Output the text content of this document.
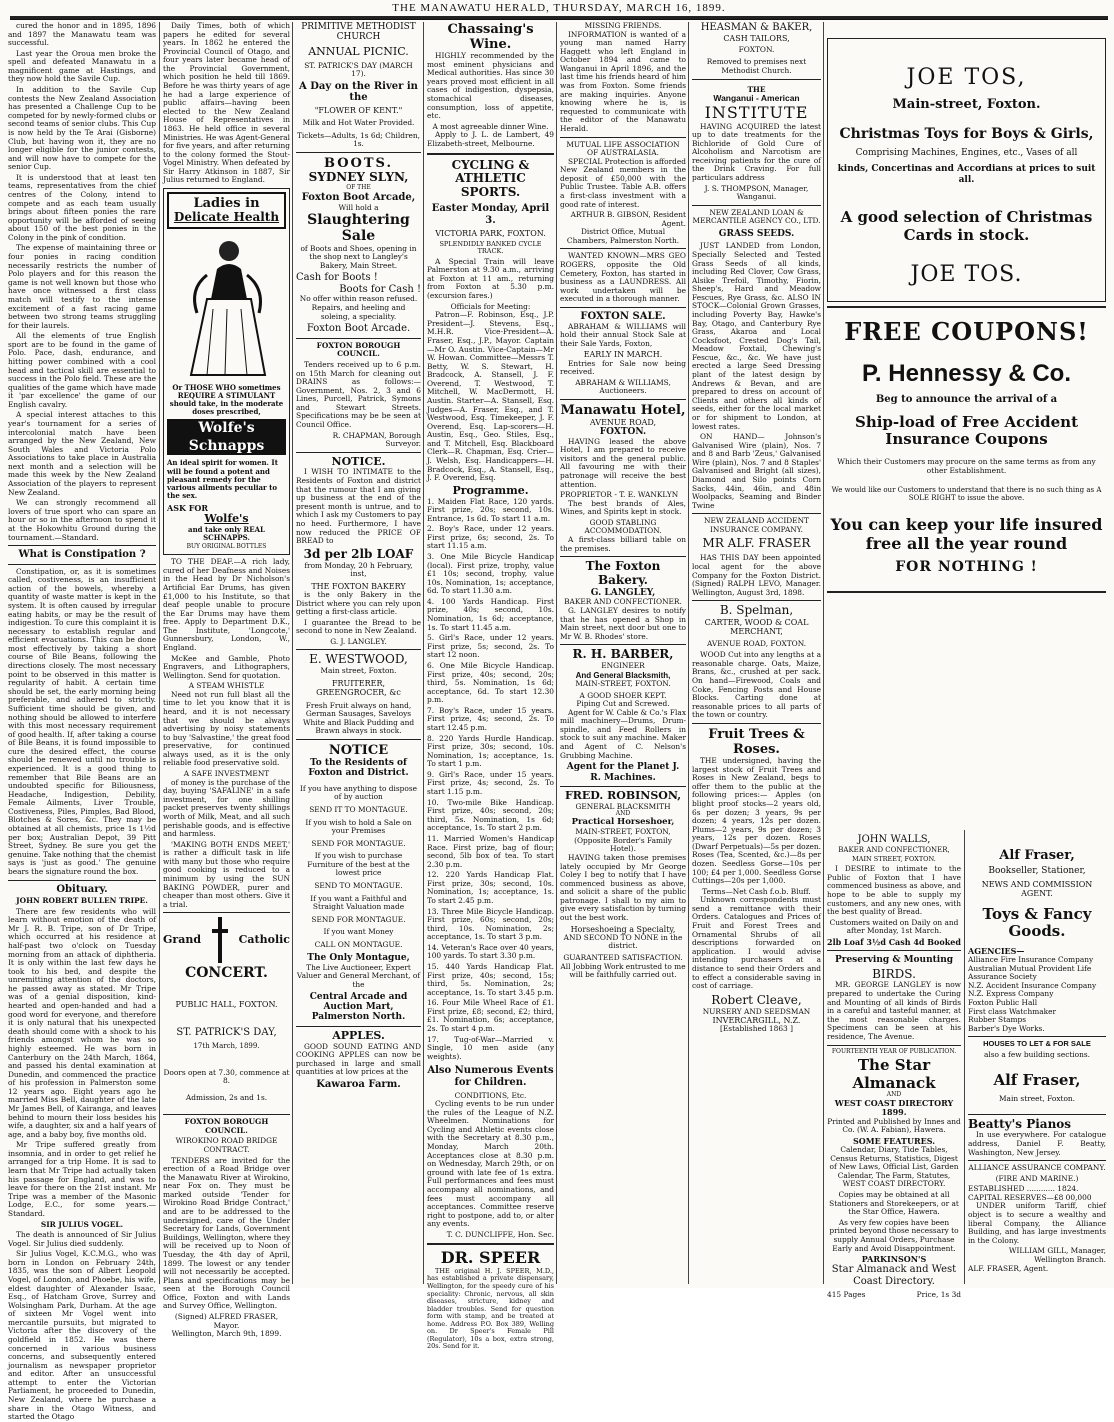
THE MANAWATU HERALD, THURSDAY, MARCH 16, 1899.

cured the honor and in 1895, 1896 and 1897 the Manawatu team was successful.

Last year the Oroua men broke the spell and defeated Manawatu in a magnificent game at Hastings, and they now hold the Savile Cup.

In addition to the Savile Cup contests the New Zealand Association has presented a Challenge Cup to be competed for by newly-formed clubs or second teams of senior clubs. This Cup is now held by the Te Arai (Gisborne) Club, but having won it, they are no longer eligible for the junior contests, and will now have to compete for the senior Cup.

It is understood that at least ten teams, representatives from the chief centres of the Colony, intend to compete and as each team usually brings about fifteen ponies the rare opportunity will be afforded of seeing about 150 of the best ponies in the Colony in the pink of condition.

The expense of maintaining three or four ponies in racing condition necessarily restricts the number of Polo players and for this reason the game is not well known but those who have once witnessed a first class match will testify to the intense excitement of a fast racing game between two strong teams struggling for their laurels.

All the elements of true English sport are to be found in the game of Polo. Pace, dash, endurance, and hitting power combined with a cool head and tactical skill are essential to success in the Polo field. These are the qualities of the game which have made it 'par excellence' the game of our English cavalry.

A special interest attaches to this year's tournament for a series of intercolonial match have been arranged by the New Zealand, New South Wales and Victoria Polo Associations to take place in Australia next month and a selection will be made this week by the New Zealand Association of the players to represent New Zealand.

We can strongly recommend all lovers of true sport who can spare an hour or so in the afternoon to spend it at the Hokowhitu Ground during the tournament.—Standard.

What is Constipation ?

Constipation, or, as it is sometimes called, costiveness, is an insufficient action of the bowels, whereby a quantity of waste matter is kept in the system. It is often caused by irregular eating habits, or may be the result of indigestion. To cure this complaint it is necessary to establish regular and efficient evacuations. This can be done most effectively by taking a short course of Bile Beans, following the directions closely. The most necessary point to be observed in this matter is regularity of habit. A certain time should be set, the early morning being preferable, and adhered to strictly. Sufficient time should be given, and nothing should be allowed to interfere with this most necessary requirement of good health. If, after taking a course of Bile Beans, it is found impossible to cure the desired effect, the course should be renewed until no trouble is experienced. It is a good thing to remember that Bile Beans are an undoubted specific for Biliousness, Headache, Indigestion, Debility, Female Ailments, Liver Trouble, Costiveness, Piles, Pimples, Bad Blood, Blotches & Sores, &c. They may be obtained at all chemists, price 1s 1½d per box; Australian Depot, 39 Pitt Street, Sydney. Be sure you get the genuine. Take nothing that the chemist says is 'just as good.' The genuine bears the signature round the box.

Obituary.
JOHN ROBERT BULLEN TRIPE.

There are few residents who will learn without emotion of the death of Mr J. R. B. Tripe, son of Dr Tripe, which occurred at his residence at half-past two o'clock on Tuesday morning from an attack of diphtheria. It is only within the last few days he took to his bed, and despite the unremitting attention of the doctors, he passed away as stated. Mr Tripe was of a genial disposition, kind-hearted and open-handed and had a good word for everyone, and therefore it is only natural that his unexpected death should come with a shock to his friends amongst whom he was so highly esteemed. He was born in Canterbury on the 24th March, 1864, and passed his dental examination at Dunedin, and commenced the practice of his profession in Palmerston some 12 years ago. Eight years ago he married Miss Bell, daughter of the late Mr James Bell, of Kairanga, and leaves behind to mourn their loss besides his wife, a daughter, six and a half years of age, and a baby boy, five months old.

Mr Tripe suffered greatly from insomnia, and in order to get relief he arranged for a trip Home. It is sad to learn that Mr Tripe had actually taken his passage for England, and was to leave for there on the 21st instant. Mr Tripe was a member of the Masonic Lodge, E.C., for some years.—Standard.

SIR JULIUS VOGEL.

The death is announced of Sir Julius Vogel. Sir Julius died suddenly.

Sir Julius Vogel, K.C.M.G., who was born in London on February 24th, 1835, was the son of Albert Leopold Vogel, of London, and Phoebe, his wife, eldest daughter of Alexander Isaac, Esq., of Hatcham Grove, Surrey and Wolsingham Park, Durham. At the age of sixteen Mr Vogel went into mercantile pursuits, but migrated to Victoria after the discovery of the goldfield in 1852. He was there concerned in various business concerns, and subsequently entered journalism as newspaper proprietor and editor. After an unsuccessful attempt to enter the Victorian Parliament, he proceeded to Dunedin, New Zealand, where he purchase a share in the Otago Witness, and started the Otago

Daily Times, both of which papers he edited for several years. In 1862 he entered the Provincial Council of Otago, and four years later became head of the Provincial Government, which position he held till 1869. Before he was thirty years of age he had a large experience of public affairs—having been elected to the New Zealand House of Representatives in 1863. He held office in several Ministries. He was Agent-General for five years, and after returning to the colony formed the Stout-Vogel Ministry. When defeated by Sir Harry Atkinson in 1887, Sir Julius returned to England.

Ladies in
Delicate Health
Or THOSE WHO sometimes REQUIRE A STIMULANT should take, in the moderate doses prescribed,
Wolfe's
Schnapps
An ideal spirit for women. It will be found a potent and pleasant remedy for the various ailments peculiar to the sex.
ASK FOR
Wolfe's
and take only REAL SCHNAPPS.
BUY ORIGINAL BOTTLES

TO THE DEAF.—A rich lady, cured of her Deafness and Noises in the Head by Dr Nicholson's Artificial Ear Drums, has given £1,000 to his Institute, so that deaf people unable to procure the Ear Drums may have them free. Apply to Department D.K., The Institute, 'Longcote,' Gunnersbury, London, W., England.

McKee and Gamble, Photo Engravers, and Lithographers, Wellington. Send for quotation.

A STEAM WHISTLE

Need not run full blast all the time to let you know that it is heard, and it is not necessary that we should be always advertising by noisy statements to buy 'Salvastine,' the great food preservative, for continued always used, as it is the only reliable food preservative sold.

A SAFE INVESTMENT

of money is the purchase of the day, buying 'SAFALINE' in a safe investment, for one shilling packet preserves twenty shillings worth of Milk, Meat, and all such perishable goods, and is effective and harmless.

'MAKING BOTH ENDS MEET,' is rather a difficult task in life with many but those who require good cooking is reduced to a minimum by using the SUN BAKING POWDER, purer and cheaper than most others. Give it a trial.

Grand	Catholic
CONCERT.
PUBLIC HALL, FOXTON.
ST. PATRICK'S DAY,
17th March, 1899.
Doors open at 7.30, commence at 8.
Admission, 2s and 1s.
FOXTON BOROUGH COUNCIL.
WIROKINO ROAD BRIDGE CONTRACT.

TENDERS are invited for the erection of a Road Bridge over the Manawatu River at Wirokino, near Fox on. They must be marked outside 'Tender for Wirokino Road Bridge Contract,' and are to be addressed to the undersigned, care of the Under Secretary for Lands, Government Buildings, Wellington, where they will be received up to Noon of Tuesday, the 4th day of April, 1899. The lowest or any tender will not necessarily be accepted. Plans and specifications may be seen at the Borough Council Office, Foxton and with Lands and Survey Office, Wellington.

(Signed) ALFRED FRASER, Mayor.
Wellington, March 9th, 1899.
PRIMITIVE METHODIST CHURCH
ANNUAL PICNIC.
ST. PATRICK'S DAY (MARCH 17).
A Day on the River in the
"FLOWER OF KENT."
Milk and Hot Water Provided.
Tickets—Adults, 1s 6d; Children, 1s.
BOOTS.
SYDNEY SLYN,
OF THE
Foxton Boot Arcade,
Will hold a
Slaughtering Sale

of Boots and Shoes, opening in the shop next to Langley's Bakery, Main Street.

Cash for Boots !
Boots for Cash !

No offer within reason refused. Repairs, and heeling and soleing, a speciality.

Foxton Boot Arcade.
FOXTON BOROUGH COUNCIL.

Tenders received up to 6 p.m. on 15th March for cleaning out DRAINS as follows:—Government, Nos. 2, 3 and 6 Lines, Purcell, Patrick, Symons and Stewart Streets. Specifications may be be seen at Council Office.

R. CHAPMAN, Borough Surveyor.
NOTICE.

I WISH TO INTIMATE to the Residents of Foxton and district that the rumour that I am giving up business at the end of the present month is untrue, and to which I ask my Customers to pay no heed. Furthermore, I have now reduced the PRICE OF BREAD to

3d per 2lb LOAF
from Monday, 20 h February, inst,
THE FOXTON BAKERY

is the only Bakery in the District where you can rely upon getting a first-class article.

I guarantee the Bread to be second to none in New Zealand.

G. J. LANGLEY.
E. WESTWOOD,
Main street, Foxton.
FRUITERER, GREENGROCER, &c

Fresh Fruit always on hand, German Sausages, Saveloys White and Black Pudding and Brawn always in stock.

NOTICE
To the Residents of
Foxton and District.

If you have anything to dispose of by auction

SEND IT TO MONTAGUE.

If you wish to hold a Sale on your Premises

SEND FOR MONTAGUE.

If you wish to purchase Furniture of the best at the lowest price

SEND TO MONTAGUE.

If you want a Faithful and Straight Valuation made

SEND FOR MONTAGUE.

If you want Money

CALL ON MONTAGUE.
The Only Montague,

The Live Auctioneer, Expert Valuer and General Merchant, of the

Central Arcade and Auction Mart,
Palmerston North.
APPLES.

GOOD SOUND EATING AND COOKING APPLES can now be purchased in large and small quantities at low prices at the

Kawaroa Farm.
Chassaing's Wine.

HIGHLY recommended by the most eminent physicians and Medical authorities. Has since 30 years proved most efficient in all cases of indigestion, dyspepsia, stomachical diseases, consumption, loss of appetite, etc.

A most agreeable dinner Wine.

Apply to J. L. de Lambert, 49 Elizabeth-street, Melbourne.

CYCLING & ATHLETIC SPORTS.
Easter Monday, April 3.
VICTORIA PARK, FOXTON.
SPLENDIDLY BANKED CYCLE TRACK.

A Special Train will leave Palmerston at 9.30 a.m., arriving at Foxton at 11 am., returning from Foxton at 5.30 p.m. (excursion fares.)

Officials for Meeting:

Patron—F. Robinson, Esq., J.P. President—J. Stevens, Esq., M.H.R. Vice-President—A. Fraser, Esq., J.P., Mayor. Captain—Mr O. Austin. Vice-Captain—Mr W. Howan. Committee—Messrs T. Betty, W. S. Stewart, H. Bradcock, A. Stansell, J. F. Overend, T. Westwood, T. Mitchell, W. MacDermott, H. Austin. Starter—A. Stansell, Esq. Judges—A. Fraser, Esq., and T. Westwood, Esq. Timekeeper, J. F. Overend, Esq. Lap-scorers—H. Austin, Esq., Geo. Stiles, Esq., and T. Mitchell, Esq. Blackboard Clerk—R. Chapman, Esq. Crier—J. Welsh, Esq. Handicappers—H. Bradcock, Esq., A. Stansell, Esq., J. F. Overend, Esq.

Programme.

1. Maiden Flat Race, 120 yards. First prize, 20s; second, 10s. Entrance, 1s 6d. To start 11 a.m.

2. Boy's Race, under 12 years. First prize, 6s; second, 2s. To start 11.15 a.m.

3. One Mile Bicycle Handicap (local). First prize, trophy, value £1 10s; second, trophy, value 10s. Nomination, 1s; acceptance, 6d. To start 11.30 a.m.

4. 100 Yards Handicap. First prize, 40s; second, 10s. Nomination, 1s 6d; acceptance, 1s. To start 11.45 a.m.

5. Girl's Race, under 12 years. First prize, 5s; second, 2s. To start 12 noon.

6. One Mile Bicycle Handicap. First prize, 40s; second, 20s; third, 5s. Nomination, 1s 6d; acceptance, 6d. To start 12.30 p.m.

7. Boy's Race, under 15 years. First prize, 4s; second, 2s. To start 12.45 p.m.

8. 220 Yards Hurdle Handicap. First prize, 30s; second, 10s. Nomination, 1s; acceptance, 1s. To start 1 p.m.

9. Girl's Race, under 15 years. First prize, 4s; second, 2s. To start 1.15 p.m.

10. Two-mile Bike Handicap. First prize, 40s; second, 20s; third, 5s. Nomination, 1s 6d; acceptance, 1s. To start 2 p.m.

11. Married Women's Handicap Race. First prize, bag of flour; second, 5lb box of tea. To start 2.30 p.m.

12. 220 Yards Handicap Flat. First prize, 30s; second, 10s. Nomination, 1s; acceptance, 1s. To start 2.45 p.m.

13. Three Mile Bicycle Handicap. First prize, 60s; second, 20s; third, 10s. Nomination, 2s; acceptance, 1s. To start 3 p.m.

14. Veteran's Race over 40 years, 100 yards. To start 3.30 p.m.

15. 440 Yards Handicap Flat. First prize, 40s; second, 15s; third, 5s. Nomination, 2s; acceptance, 1s. To start 3.45 p.m.

16. Four Mile Wheel Race of £1. First prize, £8; second, £2; third, £1. Nomination, 6s; acceptance, 2s. To start 4 p.m.

17. Tug-of-War—Married v. Single, 10 men aside (any weights).

Also Numerous Events for Children.
CONDITIONS, Etc.

Cycling events to be run under the rules of the League of N.Z. Wheelmen. Nominations for Cycling and Athletic events close with the Secretary at 8.30 p.m., Monday, March 20th. Acceptances close at 8.30 p.m. on Wednesday, March 29th, or on ground with late fee of 1s extra. Full performances and fees must accompany all nominations, and fees must accompany all acceptances. Committee reserve right to postpone, add to, or alter any events.

T. C. DUNCLIFFE, Hon. Sec.
DR. SPEER

THE original H. J. SPEER, M.D., has established a private dispensary, Wellington, for the speedy cure of his speciality: Chronic, nervous, all skin diseases, stricture, kidney and bladder troubles. Send for question form with stamp, and be treated at home. Address P.O. Box 389, Welling on. Dr Speer's Female Pill (Regulator), 10s a box, extra strong, 20s. Send for it.

MISSING FRIENDS.

INFORMATION is wanted of a young man named Harry Haggett who left England in October 1894 and came to Wanganui in April 1896, and the last time his friends heard of him was from Foxton. Some friends are making inquiries. Anyone knowing where he is, is requested to communicate with the editor of the Manawatu Herald.

MUTUAL LIFE ASSOCIATION OF AUSTRALASIA.

SPECIAL Protection is afforded New Zealand members in the deposit of £50,000 with the Public Trustee. Table A.B. offers a first-class investment with a good rate of interest.

ARTHUR B. GIBSON, Resident Agent.

District Office, Mutual Chambers, Palmerston North.

WANTED KNOWN—MRS GEO ROGERS, opposite the Old Cemetery, Foxton, has started in business as a LAUNDRESS. All work undertaken will be executed in a thorough manner.

FOXTON SALE.

ABRAHAM & WILLIAMS will hold their annual Stock Sale at their Sale Yards, Foxton,

EARLY IN MARCH.

Entries for Sale now being received.

ABRAHAM & WILLIAMS, Auctioneers.
Manawatu Hotel,
AVENUE ROAD,
FOXTON.

HAVING leased the above Hotel, I am prepared to receive visitors and the general public. All favouring me with their patronage will receive the best attention.

PROPRIETOR - T. E. WANKLYN

The best brands of Ales, Wines, and Spirits kept in stock.

GOOD STABLING ACCOMMODATION.

A first-class billiard table on the premises.

The Foxton Bakery.
G. LANGLEY,
BAKER AND CONFECTIONER.

G. LANGLEY desires to notify that he has opened a Shop in Main street, next door but one to Mr W. B. Rhodes' store.

R. H. BARBER,
ENGINEER
And General Blacksmith,
MAIN-STREET, FOXTON.
A GOOD SHOER KEPT.
Piping Cut and Screwed.

Agent for W. Cable & Co.'s Flax mill machinery—Drums, Drum-spindle, and Feed Rollers in stock to suit any machine. Maker and Agent of C. Nelson's Grubbing Machine.

Agent for the Planet J. R. Machines.
FRED. ROBINSON,
GENERAL BLACKSMITH
AND
Practical Horseshoer,
MAIN-STREET, FOXTON, (Opposite Border's Family Hotel).

HAVING taken those premises lately occupied by Mr George Coley I beg to notify that I have commenced business as above, and solicit a share of the public patronage. I shall to my aim to give every satisfaction by turning out the best work.

Horseshoeing a Specialty,
AND SECOND TO NONE in the district.
GUARANTEED SATISFACTION.

All Jobbing Work entrusted to me will be faithfully carried out.

HEASMAN & BAKER,
CASH TAILORS,
FOXTON.

Removed to premises next Methodist Church.

THE
Wanganui - American
INSTITUTE

HAVING ACQUIRED the latest up to date treatments for the Bichloride of Gold Cure of Alcoholism and Narcotism are receiving patients for the cure of the Drink Craving. For full particulars address

J. S. THOMPSON, Manager, Wanganui.
NEW ZEALAND LOAN & MERCANTILE AGENCY CO., LTD.
GRASS SEEDS.

JUST LANDED from London, Specially Selected and Tested Grass Seeds of all kinds, including Red Clover, Cow Grass, Alsike Trefoil, Timothy, Fiorin, Sheep's, Hard and Meadow Fescues, Rye Grass, &c. ALSO IN STOCK—Colonial Grown Grasses, including Poverty Bay, Hawke's Bay, Otago, and Canterbury Rye Grass, Akaroa and Local Cocksfoot, Crested Dog's Tail, Meadow Foxtail, Chewing's Fescue, &c., &c. We have just erected a large Seed Dressing plant of the latest design by Andrews & Bevan, and are prepared to dress on account of Clients and others all kinds of seeds, either for the local market or for shipment to London, at lowest rates.

ON HAND— Johnson's Galvanised Wire (plain), Nos. 7 and 8 and Barb 'Zeus,' Galvanised Wire (plain), Nos. 7 and 8 Staples' Galvanised and Bright (all sizes), Diamond and Silo points Corn Sacks, 44in, 46in, and 48in Woolpacks, Seaming and Binder Twine

NEW ZEALAND ACCIDENT INSURANCE COMPANY.
MR ALF. FRASER

HAS THIS DAY been appointed local agent for the above Company for the Foxton District. (Signed) RALPH LEVO, Manager. Wellington, August 3rd, 1898.

B. Spelman,
CARTER, WOOD & COAL MERCHANT,
AVENUE ROAD, FOXTON.

WOOD Cut into any lengths at a reasonable charge. Oats, Maize, Brans, &c., crushed at per sack. On hand—Firewood, Coals and Coke, Fencing Posts and House Blocks. Carting done at reasonable prices to all parts of the town or country.

Fruit Trees & Roses.

THE undersigned, having the largest stock of Fruit Trees and Roses in New Zealand, begs to offer them to the public at the following prices:— Apples (on blight proof stocks—2 years old, 6s per dozen; 3 years, 9s per dozen; 4 years, 12s per dozen. Plums—2 years, 9s per dozen; 3 years, 12s per dozen. Roses (Dwarf Perpetuals)—5s per dozen. Roses (Tea, Scented, &c.)—8s per dozen. Seedless Gorse—10s per 100; £4 per 1,000. Seedless Gorse Cuttings—20s per 1,000.

Terms—Net Cash f.o.b. Bluff.

Unknown correspondents must send a remittance with their Orders. Catalogues and Prices of Fruit and Forest Trees and Ornamental Shrubs of all descriptions forwarded on application. I would advise intending purchasers at a distance to send their Orders and to effect a considerable saving in cost of carriage.

Robert Cleave,
NURSERY AND SEEDSMAN
INVERCARGILL, N.Z.
[Established 1863 ]
JOE TOS,
Main-street, Foxton.
Christmas Toys for Boys & Girls,
Comprising Machines, Engines, etc., Vases of all
kinds, Concertinas and Accordians at prices to suit all.
A good selection of Christmas Cards in stock.
JOE TOS.
FREE COUPONS!
P. Hennessy & Co.
Beg to announce the arrival of a
Ship-load of Free Accident Insurance Coupons
Which their Customers may procure on the same terms as from any other Establishment.
We would like our Customers to understand that there is no such thing as A SOLE RIGHT to issue the above.
You can keep your life insured free all the year round
FOR NOTHING !
JOHN WALLS,
BAKER AND CONFECTIONER,
MAIN STREET, FOXTON.

I DESIRE to intimate to the Public of Foxton that I have commenced business as above, and hope to be able to supply my customers, and any new ones, with the best quality of Bread.

Customers waited on Daily on and after Monday, 1st March.

2lb Loaf 3½d Cash 4d Booked
Preserving & Mounting
BIRDS.

MR. GEORGE LANGLEY is now prepared to undertake the Curing and Mounting of all kinds of Birds in a careful and tasteful manner, at the most reasonable charges. Specimens can be seen at his residence, The Avenue.

FOURTEENTH YEAR OF PUBLICATION.
The Star Almanack
AND
WEST COAST DIRECTORY 1899.

Printed and Published by Innes and Co. (W. A. Fabian), Hawera.

SOME FEATURES.

Calendar, Diary, Tide Tables, Census Returns, Statistics, Digest of New Laws, Official List, Garden Calendar, The Farm, Statutes, WEST COAST DIRECTORY.

Copies may be obtained at all Stationers and Storekeepers, or at the Star Office, Hawera.

As very few copies have been printed beyond those necessary to supply Annual Orders, Purchase Early and Avoid Disappointment.

PARKINSON'S
Star Almanack and West Coast Directory.
415 Pages	Price, 1s 3d
Alf Fraser,
Bookseller, Stationer,
NEWS AND COMMISSION AGENT.
Toys & Fancy Goods.
AGENCIES—
Alliance Fire Insurance Company
Australian Mutual Provident Life Assurance Society
N.Z. Accident Insurance Company
N.Z. Express Company
Foxton Public Hall
First class Watchmaker
Rubber Stamps
Barber's Dye Works.
HOUSES TO LET & FOR SALE
also a few building sections.
Alf Fraser,
Main street, Foxton.
Beatty's Pianos

In use everywhere. For catalogue address, Daniel F. Beatty, Washington, New Jersey.

ALLIANCE ASSURANCE COMPANY.
(FIRE AND MARINE.)
ESTABLISHED ............ 1824.
CAPITAL RESERVES—£8 00,000

UNDER uniform Tariff, chief object is to secure a wealthy and liberal Company, the Alliance Building, and has large investments in the Colony.

WILLIAM GILL, Manager, Wellington Branch.
ALF. FRASER, Agent.
